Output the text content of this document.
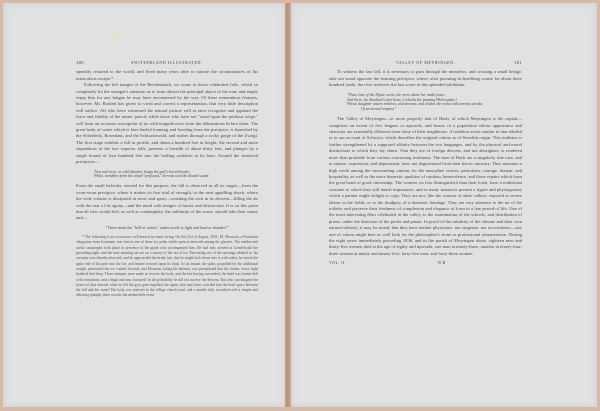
100	SWITZERLAND ILLUSTRATED.

speedily restored to the world, and lived many years after to narrate the circumstances of his miraculous escape.*

Following the left margin of the Reichenbach, we come to those celebrated falls, which so completely fix the stranger's attention as to form almost the principal object of the tour, and amply repay him for any fatigue he may have encountered by the way. Of these tremendous features, however, Mr. Bartlett has given so vivid and correct a representation, that very little description will suffice. All who have witnessed the natural picture will at once recognize and applaud the force and fidelity of the mimic pencil; while those who have not "stood upon the perilous verge," will form an accurate conception of its wild magnificence from the delineations before them. The great body of water which is here hurled foaming and howling from the precipice, is furnished by the Scheideck, Rosenlaui, and the Schwartzwald, and rushes through a rocky gorge of the Zwirgi. The first stage exhibits a fall in profile, and about a hundred feet in height; the second and more stupendous of the two superior falls, presents a breadth of about thirty feet, and plunges by a single bound of four hundred feet into the boiling cauldron at its base. Around the shattered precipices—

Torn and riven, in wild disorder, hangs the gulf's horrid border,
While, tremblers from the cloud-"profound," torrents wail the dismal sound.

From the small belvider, erected for this purpose, the fall is observed in all its stages—from the worn-worn precipice, where it makes its first trial of strength, to the next appalling shock, where the wide volume is dissipated in snow and spray—crushing the rock in its descent—filling the air with the roar of its agony—and the mind with images of horror and destruction. It is on this point that all who would feel, as well as contemplate, the sublimity of the scene, should take their stand; and—

"There mark the "hell of waters" under-swell as light and loud as thunder!"

* The following is an occurrence well known by many living. On the 21st of August, 1831, M. Mousson, a Protestant clergyman from Lausanne, was lost in one of those icy paths which open at intervals among the glaciers. The sudden and awful catastrophe took place in presence of the guide who accompanied him. He had only arrived at Grindelwald the preceding night, and the next morning set out on a survey of the sea of ice. Perceiving one of the openings alluded to, his curiosity was thereby attracted, and he approached the brink; but, that he might look down into it with safety, he struck the spike end of his pole into the ice, and leaned forward upon its head. At an instant the spike, propelled by the additional weight, penetrated the ice, rushed forward, and Mousson, losing his balance, was precipitated into the chasm, every eight hundred feet deep. Three attempts were made to recover the body, and the last having succeeded, the head was found cleft with contusions, and a thigh and arm fractured. In all probability he did not survive the descent. But who can imagine the horror of that interval when he felt the grey gate engulfed, the agony that may have crowded into the brief space between the fall and the stone? His body was interred in the village church-yard, and a marble slab, inscribed with a simple and affecting epitaph, there records the melancholy event.

VALLEY OF MEYRINGEN.	101

To witness the last fall, it is necessary to pass through the meadows, and crossing a small bridge, take our stand opposite the foaming precipice, where, after pursuing its headlong course for about three hundred yards, the river achieves the last scene in this splendid exhibition.

"Thou, lone of the Alpine scene, the veres above her midst foam ;
And there, the Staubach's fair beau, o'erlooks the foaming Philosophus !
Whose daughter waters resolves, and streams, and clothes the rocks with torrents streaks
Of an eternal tempest."

The Valley of Meyringen—or more properly that of Hasli, of which Meyringen is the capital—comprises an extent of five leagues or upwards, and boasts of a population whose appearance and character are essentially different from those of their neighbours. A tradition exists similar to that alluded to in our account of Schwytz, which describes the original colony as of Swedish origin. This tradition is further strengthened by a supposed affinity between the two languages, and by the physical and moral distinctions to which they lay claim. That they are of foreign descent, and not aborigines, is rendered more than probable from various concurring testimony. The men of Hasli are a singularly fine race, and in stature, expression, and deportment, have not degenerated from their heroic ancestry. They maintain a high credit among the surrounding cantons for the masculine virtues, patriotism, courage, honour, and hospitality, as well as the more domestic qualities of candour, benevolence, and those repairs which form the great bond of good citizenship. The women, no less distinguished than their lords, have a traditional costume to which they still attach importance, and in many instances present a figure and physiognomy which a painter might delight to copy. They are not, like the women of other valleys, exposed to severe labour in the fields, or to the drudgery of a domestic bondage. They are very attentive to the art of the toilette, and preserve their freshness of complexion and elegance of form to a late period of life. One of the most interesting fêtes celebrated in the valley, is the examination of the schools, and distribution of prizes, under the direction of the prefet and pastor. In proof of the salubrity of the climate and their own natural sobriety, it may be stated, that they have neither physicians, nor surgeons, nor accoucheurs—any one of whom might here as well look for the philosopher's stone as professional remuneration. During the eight years immediately preceding 1836, and in the parish of Meyringen alone, eighteen men and thirty-five women died at the age of eighty and upwards; one man at ninety-three, another at ninety-four; three women at ninety and ninety-five; forty-five men, and forty-three women

VOL. II.	B B
